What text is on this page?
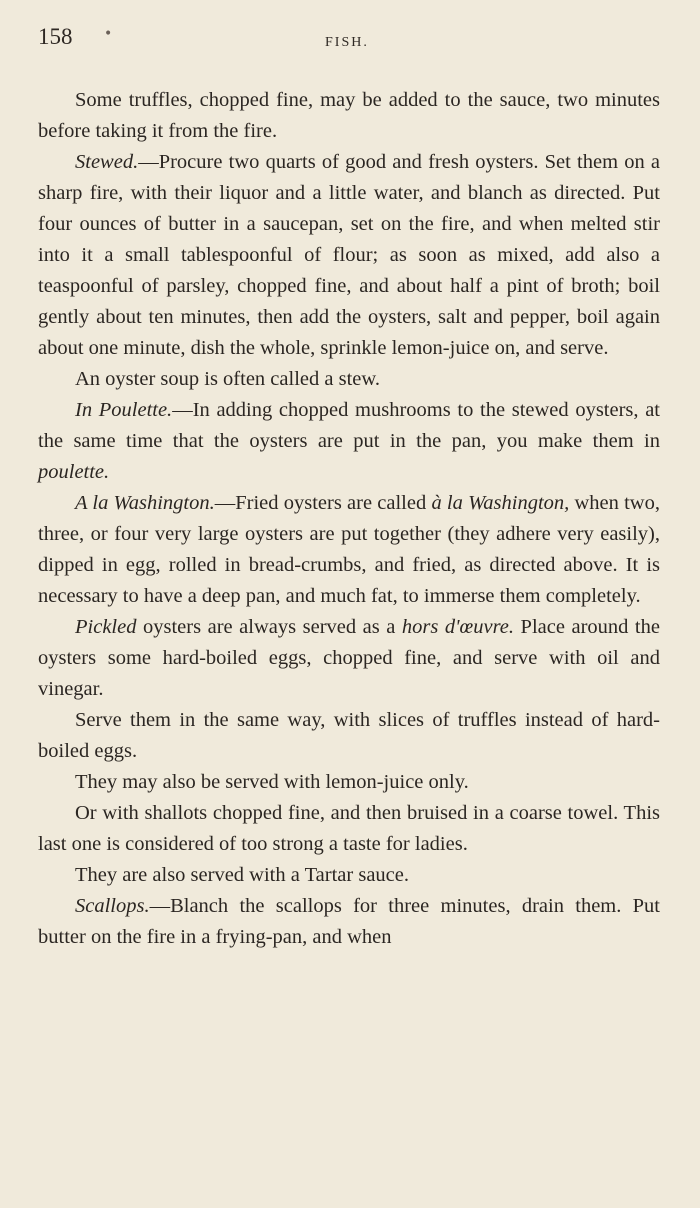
158 •
FISH.

Some truffles, chopped fine, may be added to the sauce, two minutes before taking it from the fire.

Stewed.—Procure two quarts of good and fresh oysters. Set them on a sharp fire, with their liquor and a little water, and blanch as directed. Put four ounces of butter in a saucepan, set on the fire, and when melted stir into it a small tablespoonful of flour; as soon as mixed, add also a teaspoonful of parsley, chopped fine, and about half a pint of broth; boil gently about ten minutes, then add the oysters, salt and pepper, boil again about one minute, dish the whole, sprinkle lemon-juice on, and serve.

An oyster soup is often called a stew.

In Poulette.—In adding chopped mushrooms to the stewed oysters, at the same time that the oysters are put in the pan, you make them in poulette.

A la Washington.—Fried oysters are called à la Washington, when two, three, or four very large oysters are put together (they adhere very easily), dipped in egg, rolled in bread-crumbs, and fried, as directed above. It is necessary to have a deep pan, and much fat, to immerse them completely.

Pickled oysters are always served as a hors d'œuvre. Place around the oysters some hard-boiled eggs, chopped fine, and serve with oil and vinegar.

Serve them in the same way, with slices of truffles instead of hard-boiled eggs.

They may also be served with lemon-juice only.

Or with shallots chopped fine, and then bruised in a coarse towel. This last one is considered of too strong a taste for ladies.

They are also served with a Tartar sauce.

Scallops.—Blanch the scallops for three minutes, drain them. Put butter on the fire in a frying-pan, and when
